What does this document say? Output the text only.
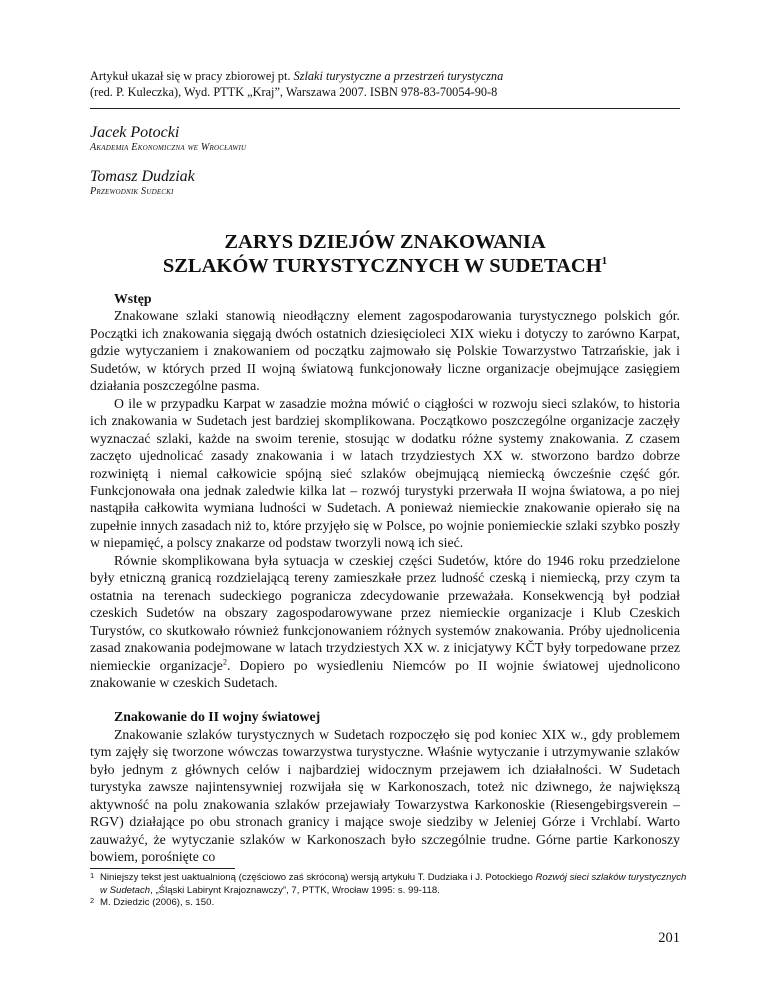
Artykuł ukazał się w pracy zbiorowej pt. Szlaki turystyczne a przestrzeń turystyczna
(red. P. Kuleczka), Wyd. PTTK „Kraj”, Warszawa 2007. ISBN 978-83-70054-90-8
Jacek Potocki
Akademia Ekonomiczna we Wrocławiu
Tomasz Dudziak
Przewodnik Sudecki
ZARYS DZIEJÓW ZNAKOWANIA
SZLAKÓW TURYSTYCZNYCH W SUDETACH$^1$
Wstęp

Znakowane szlaki stanowią nieodłączny element zagospodarowania turystycznego polskich gór. Początki ich znakowania sięgają dwóch ostatnich dziesięcioleci XIX wieku i dotyczy to zarówno Karpat, gdzie wytyczaniem i znakowaniem od początku zajmowało się Polskie Towarzystwo Tatrzańskie, jak i Sudetów, w których przed II wojną światową funkcjonowały liczne organizacje obejmujące zasięgiem działania poszczególne pasma.

O ile w przypadku Karpat w zasadzie można mówić o ciągłości w rozwoju sieci szlaków, to historia ich znakowania w Sudetach jest bardziej skomplikowana. Początkowo poszczególne organizacje zaczęły wyznaczać szlaki, każde na swoim terenie, stosując w dodatku różne systemy znakowania. Z czasem zaczęto ujednolicać zasady znakowania i w latach trzydziestych XX w. stworzono bardzo dobrze rozwiniętą i niemal całkowicie spójną sieć szlaków obejmującą niemiecką ówcześnie część gór. Funkcjonowała ona jednak zaledwie kilka lat – rozwój turystyki przerwała II wojna światowa, a po niej nastąpiła całkowita wymiana ludności w Sudetach. A ponieważ niemieckie znakowanie opierało się na zupełnie innych zasadach niż to, które przyjęło się w Polsce, po wojnie poniemieckie szlaki szybko poszły w niepamięć, a polscy znakarze od podstaw tworzyli nową ich sieć.

Równie skomplikowana była sytuacja w czeskiej części Sudetów, które do 1946 roku przedzielone były etniczną granicą rozdzielającą tereny zamieszkałe przez ludność czeską i niemiecką, przy czym ta ostatnia na terenach sudeckiego pogranicza zdecydowanie przeważała. Konsekwencją był podział czeskich Sudetów na obszary zagospodarowywane przez niemieckie organizacje i Klub Czeskich Turystów, co skutkowało również funkcjonowaniem różnych systemów znakowania. Próby ujednolicenia zasad znakowania podejmowane w latach trzydziestych XX w. z inicjatywy KČT były torpedowane przez niemieckie organizacje$^2$. Dopiero po wysiedleniu Niemców po II wojnie światowej ujednolicono znakowanie w czeskich Sudetach.

Znakowanie do II wojny światowej

Znakowanie szlaków turystycznych w Sudetach rozpoczęło się pod koniec XIX w., gdy problemem tym zajęły się tworzone wówczas towarzystwa turystyczne. Właśnie wytyczanie i utrzymywanie szlaków było jednym z głównych celów i najbardziej widocznym przejawem ich działalności. W Sudetach turystyka zawsze najintensywniej rozwijała się w Karkonoszach, toteż nic dziwnego, że największą aktywność na polu znakowania szlaków przejawiały Towarzystwa Karkonoskie (Riesengebirgsverein – RGV) działające po obu stronach granicy i mające swoje siedziby w Jeleniej Górze i Vrchlabí. Warto zauważyć, że wytyczanie szlaków w Karkonoszach było szczególnie trudne. Górne partie Karkonoszy bowiem, porośnięte co

1 Niniejszy tekst jest uaktualnioną (częściowo zaś skróconą) wersją artykułu T. Dudziaka i J. Potockiego Rozwój sieci szlaków turystycznych w Sudetach, „Śląski Labirynt Krajoznawczy”, 7, PTTK, Wrocław 1995: s. 99-118.
2 M. Dziedzic (2006), s. 150.
201
